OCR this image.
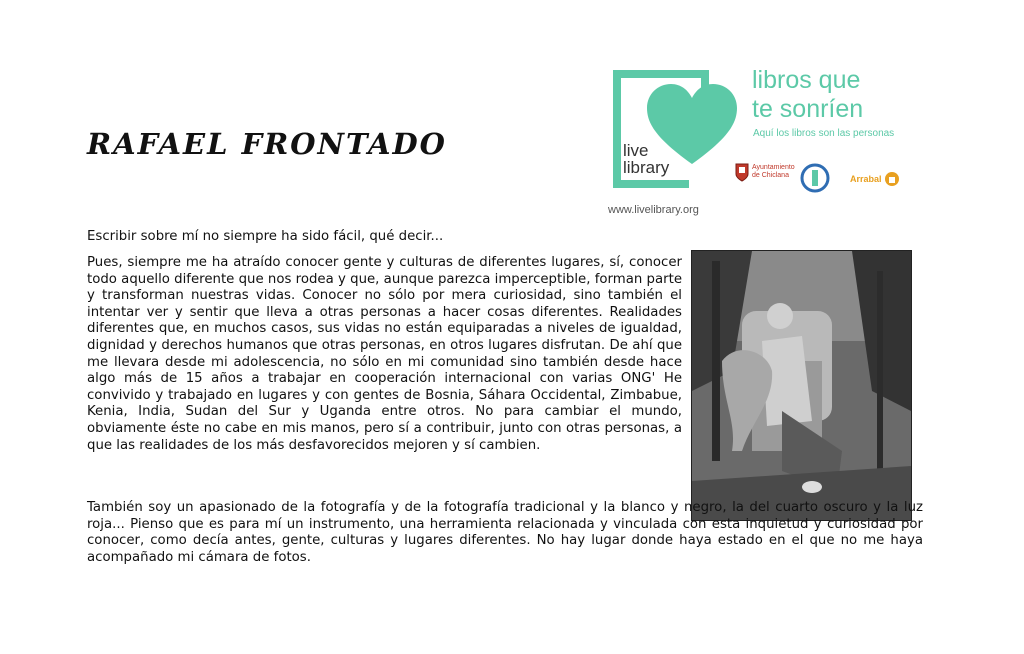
RAFAEL FRONTADO	live library
libros que
te sonríen
Aquí los libros son las personas
Ayuntamiento de Chiclana	Arrabal
www.livelibrary.org
Escribir sobre mí no siempre ha sido fácil, qué decir...
Pues, siempre me ha atraído conocer gente y culturas de diferentes lugares, sí, conocer todo aquello diferente que nos rodea y que, aunque parezca imperceptible, forman parte y transforman nuestras vidas. Conocer no sólo por mera curiosidad, sino también el intentar ver y sentir que lleva a otras personas a hacer cosas diferentes. Realidades diferentes que, en muchos casos, sus vidas no están equiparadas a niveles de igualdad, dignidad y derechos humanos que otras personas, en otros lugares disfrutan. De ahí que me llevara desde mi adolescencia, no sólo en mi comunidad sino también desde hace algo más de 15 años a trabajar en cooperación internacional con varias ONG' He convivido y trabajado en lugares y con gentes de Bosnia, Sáhara Occidental, Zimbabue, Kenia, India, Sudan del Sur y Uganda entre otros. No para cambiar el mundo, obviamente éste no cabe en mis manos, pero sí a contribuir, junto con otras personas, a que las realidades de los más desfavorecidos mejoren y sí cambien.
También soy un apasionado de la fotografía y de la fotografía tradicional y la blanco y negro, la del cuarto oscuro y la luz roja... Pienso que es para mí un instrumento, una herramienta relacionada y vinculada con esta inquietud y curiosidad por conocer, como decía antes, gente, culturas y lugares diferentes. No hay lugar donde haya estado en el que no me haya acompañado mi cámara de fotos.
